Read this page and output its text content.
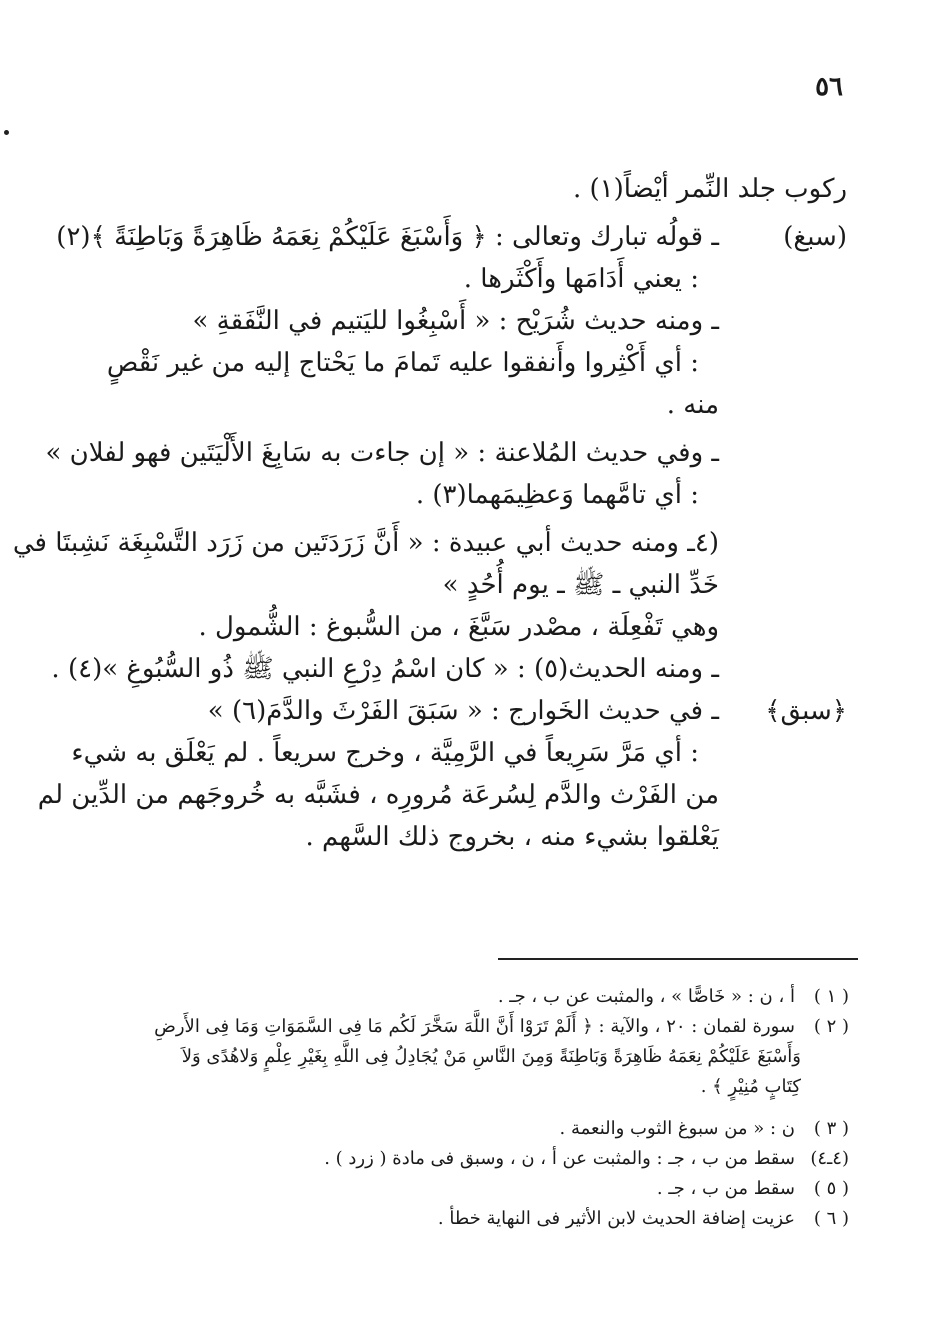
٥٦
ركوب جلد النِّمر أيْضاً(١) .
(سبغ)
ـ قولُه تبارك وتعالى : ﴿ وَأَسْبَغَ عَلَيْكُمْ نِعَمَهُ ظَاهِرَةً وَبَاطِنَةً ﴾(٢)
: يعني أَدَامَها وأَكْثَرها .
ـ ومنه حديث شُرَيْح : « أَسْبِغُوا لليَتيم في النَّفَقةِ »
: أي أَكْثِروا وأَنفقوا عليه تَمامَ ما يَحْتاج إليه من غير نَقْصٍ
منه .
ـ وفي حديث المُلاعنة : « إن جاءت به سَابِغَ الأَلْيَتَين فهو لفلان »
: أي تامَّهما وَعظِيمَهما(٣) .
(٤ـ ومنه حديث أبي عبيدة : « أَنَّ زَرَدَتَين من زَرَد التَّسْبِغَة نَشِبتَا في
خَدِّ النبي ـ ﷺ ـ يوم أُحُدٍ »
وهي تَفْعِلَة ، مصْدر سَبَّغَ ، من السُّبوغ : الشُّمول .
ـ ومنه الحديث(٥) : « كان اسْمُ دِرْعِ النبي ﷺ ذُو السُّبُوغِ »(٤) .
﴿سبق﴾
ـ في حديث الخَوارج : « سَبَقَ الفَرْثَ والدَّمَ(٦) »
: أي مَرَّ سَرِيعاً في الرَّمِيَّة ، وخرج سريعاً . لم يَعْلَق به شيء
من الفَرْث والدَّم لِسُرعَة مُرورِه ، فشَبَّه به خُروجَهم من الدِّين لم
يَعْلقوا بشيء منه ، بخروج ذلك السَّهم .
( ١ )
أ ، ن : « خَاصًّا » ، والمثبت عن ب ، جـ .
( ٢ )
سورة لقمان : ٢٠ ، والآية : ﴿ أَلَمْ تَرَوْا أَنَّ اللَّهَ سَخَّرَ لَكُم مَا فِى السَّمَوَاتِ وَمَا فِى الأَرضِ
وَأَسْبَغَ عَلَيْكُمْ نِعَمَهُ ظَاهِرَةً وَبَاطِنَةً وَمِنَ النَّاسِ مَنْ يُجَادِلُ فِى اللَّهِ بِغَيْرِ عِلْمٍ وَلاهُدًى وَلاَ
كِتَابٍ مُنِيْرٍ ﴾ .
( ٣ )
ن : « من سبوغ الثوب والنعمة .
(٤ـ٤)
سقط من ب ، جـ : والمثبت عن أ ، ن ، وسبق فى مادة ( زرد ) .
( ٥ )
سقط من ب ، جـ .
( ٦ )
عزيت إضافة الحديث لابن الأثير فى النهاية خطأ .
